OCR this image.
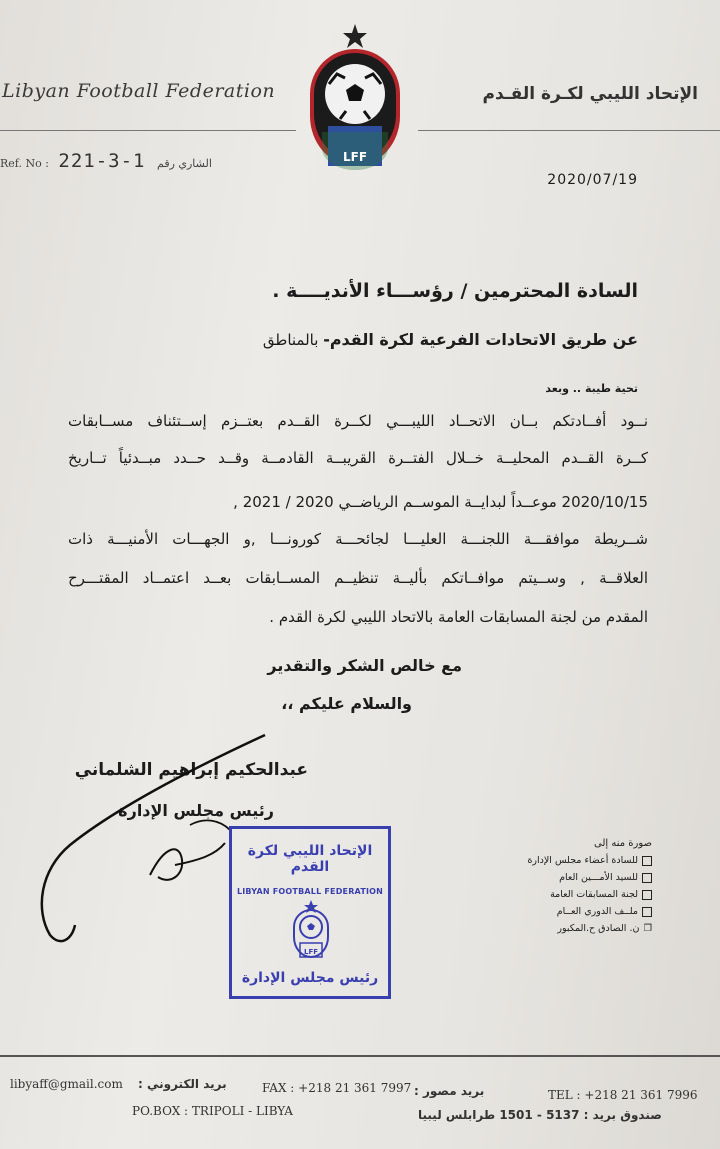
Libyan Football Federation	الإتحاد الليبي لكـرة القـدم
LFF
Ref. No : 221-3-1 الشاري رقم
2020/07/19
السادة المحترمين / رؤســـاء الأنديــــة .
عن طريق الاتحادات الفرعية لكرة القدم- بالمناطق
تحية طيبة .. وبعد
نــود أفــادتكم بــان الاتحــاد الليبـــي لكــرة القــدم بعتــزم إســتئناف مســابقات
كــرة القــدم المحليــة خــلال الفتــرة القريبــة القادمــة وقــد حــدد مبــدئياً تــاريخ
2020/10/15 موعــداً لبدايــة الموســم الرياضــي 2020 / 2021 ,
شــريطة موافقـــة اللجنـــة العليـــا لجائحـــة كورونـــا ,و الجهـــات الأمنيـــة ذات
العلاقــة , وســيتم موافــاتكم بأليــة تنظيــم المســابقات بعــد اعتمــاد المقتـــرح
المقدم من لجنة المسابقات العامة بالاتحاد الليبي لكرة القدم .
مع خالص الشكر والتقدير
والسلام عليكم ،،
عبدالحكيم إبراهيم الشلماني
رئيس مجلس الإدارة
الإتحاد الليبي لكرة القدم
LIBYAN FOOTBALL FEDERATION
LFF
رئيس مجلس الإدارة
صورة منه إلى
للسادة أعضاء مجلس الإدارة
للسيد الأمـــين العام
لجنة المسابقات العامة
ملــف الدوري العــام
❐
ن. الصادق ح.المكبور
libyaff@gmail.com بريد الكتروني :	FAX : +218 21 361 7997 بريد مصور :	TEL : +218 21 361 7996
PO.BOX : TRIPOLI - LIBYA	صندوق بريد : 5137 - 1501 طرابلس ليبيا
